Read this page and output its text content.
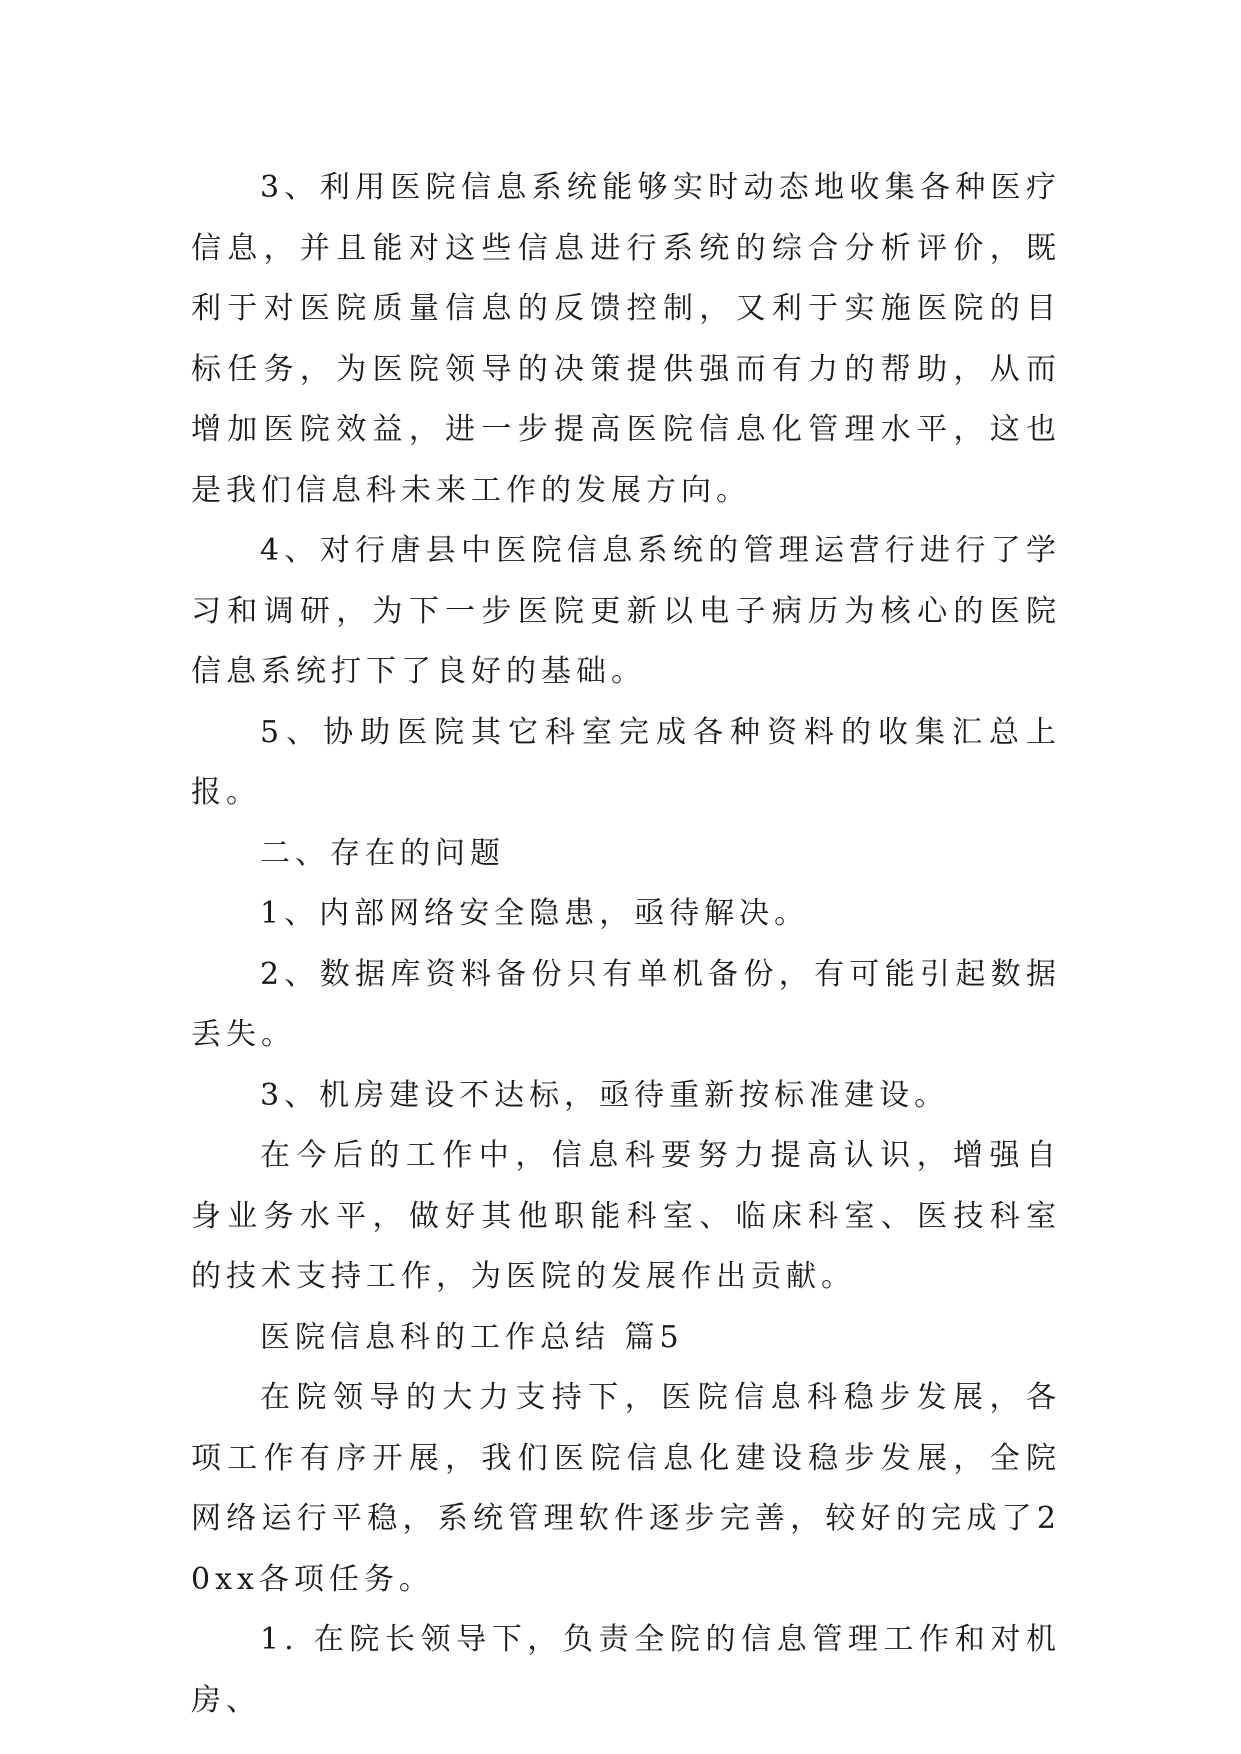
3、利用医院信息系统能够实时动态地收集各种医疗信息，并且能对这些信息进行系统的综合分析评价，既利于对医院质量信息的反馈控制，又利于实施医院的目标任务，为医院领导的决策提供强而有力的帮助，从而增加医院效益，进一步提高医院信息化管理水平，这也是我们信息科未来工作的发展方向。

4、对行唐县中医院信息系统的管理运营行进行了学习和调研，为下一步医院更新以电子病历为核心的医院信息系统打下了良好的基础。

5、协助医院其它科室完成各种资料的收集汇总上报。

二、存在的问题

1、内部网络安全隐患，亟待解决。

2、数据库资料备份只有单机备份，有可能引起数据丢失。

3、机房建设不达标，亟待重新按标准建设。

在今后的工作中，信息科要努力提高认识，增强自身业务水平，做好其他职能科室、临床科室、医技科室的技术支持工作，为医院的发展作出贡献。

医院信息科的工作总结 篇5

在院领导的大力支持下，医院信息科稳步发展，各项工作有序开展，我们医院信息化建设稳步发展，全院网络运行平稳，系统管理软件逐步完善，较好的完成了20xx各项任务。

1. 在院长领导下，负责全院的信息管理工作和对机房、
